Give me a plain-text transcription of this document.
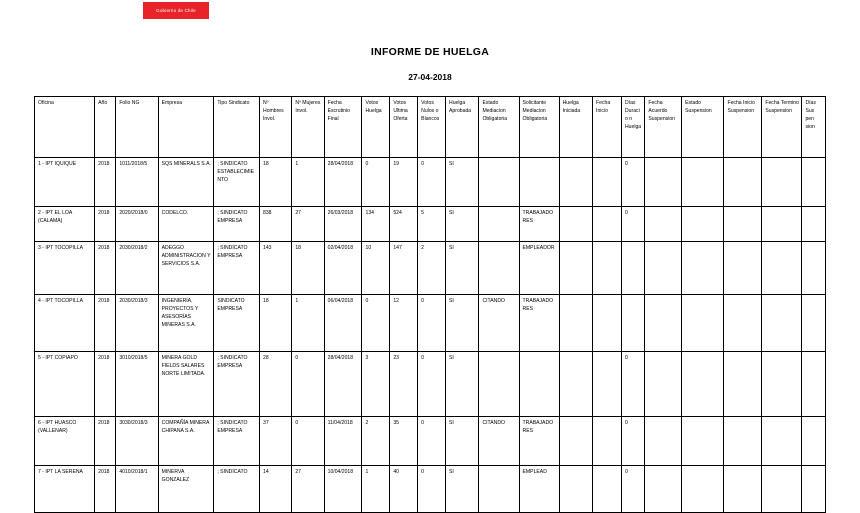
Gobierno de Chile
INFORME DE HUELGA
27-04-2018
Oficina	Año	Folio NG	Empresa	Tipo Sindicato	Nº Hombres Invol.	Nº Mujeres Invol.	Fecha Escrutinio Final	Votos Huelga	Votos Ultima Oferta	Votos Nulos o Blancos	Huelga Aprobada	Estado Mediacion Obligatoria	Solicitante Mediacion Obligatoria	Huelga Iniciada	Fecha Inicio	Días Duracio n Huelga	Fecha Acuerdo Suspension	Estado Suspension	Fecha Inicio Suspension	Fecha Termino Suspension	Días Sus pen sion
1 - IPT IQUIQUE	2018	1011/2018/5	SQS MINERALS S.A.	; SINDICATO ESTABLECIMIENTO	18	1	28/04/2018	0	19	0	SI					0					
2 - IPT EL LOA (CALAMA)	2018	2020/2018/0	CODELCO.	; SINDICATO EMPRESA	838	27	26/03/2018	134	524	5	SI		TRABAJADORES			0					
3 - IPT TOCOPILLA	2018	2030/2018/2	ADEGGO ADMINISTRACION Y SERVICIOS S.A.	; SINDICATO EMPRESA	143	18	02/04/2018	10	147	2	SI		EMPLEADOR								
4 - IPT TOCOPILLA	2018	2030/2018/3	INGENIERÍA, PROYECTOS Y ASESORÍAS MINERAS S.A.	SINDICATO EMPRESA	18	1	06/04/2018	0	12	0	SI	CITANDO	TRABAJADORES								
5 - IPT COPIAPO	2018	3010/2018/5	MINERA GOLD FIELDS SALARES NORTE LIMITADA.	; SINDICATO EMPRESA	28	0	28/04/2018	3	23	0	SI					0					
6 - IPT HUASCO (VALLENAR)	2018	3030/2018/3	COMPAÑÍA MINERA CHIPANA S.A.	; SINDICATO EMPRESA	37	0	11/04/2018	2	35	0	SI	CITANDO	TRABAJADORES			0					
7 - IPT LA SERENA	2018	4010/2018/1	MINERVA GONZALEZ	; SINDICATO	14	27	10/04/2018	1	40	0	SI		EMPLEAD			0					
